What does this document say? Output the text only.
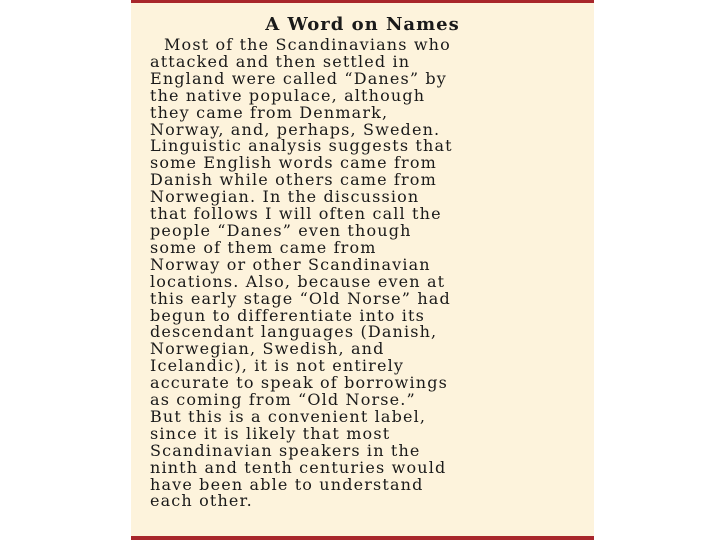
A Word on Names

Most of the Scandinavians who
attacked and then settled in
England were called “Danes” by
the native populace, although
they came from Denmark,
Norway, and, perhaps, Sweden.
Linguistic analysis suggests that
some English words came from
Danish while others came from
Norwegian. In the discussion
that follows I will often call the
people “Danes” even though
some of them came from
Norway or other Scandinavian
locations. Also, because even at
this early stage “Old Norse” had
begun to differentiate into its
descendant languages (Danish,
Norwegian, Swedish, and
Icelandic), it is not entirely
accurate to speak of borrowings
as coming from “Old Norse.”
But this is a convenient label,
since it is likely that most
Scandinavian speakers in the
ninth and tenth centuries would
have been able to understand
each other.
